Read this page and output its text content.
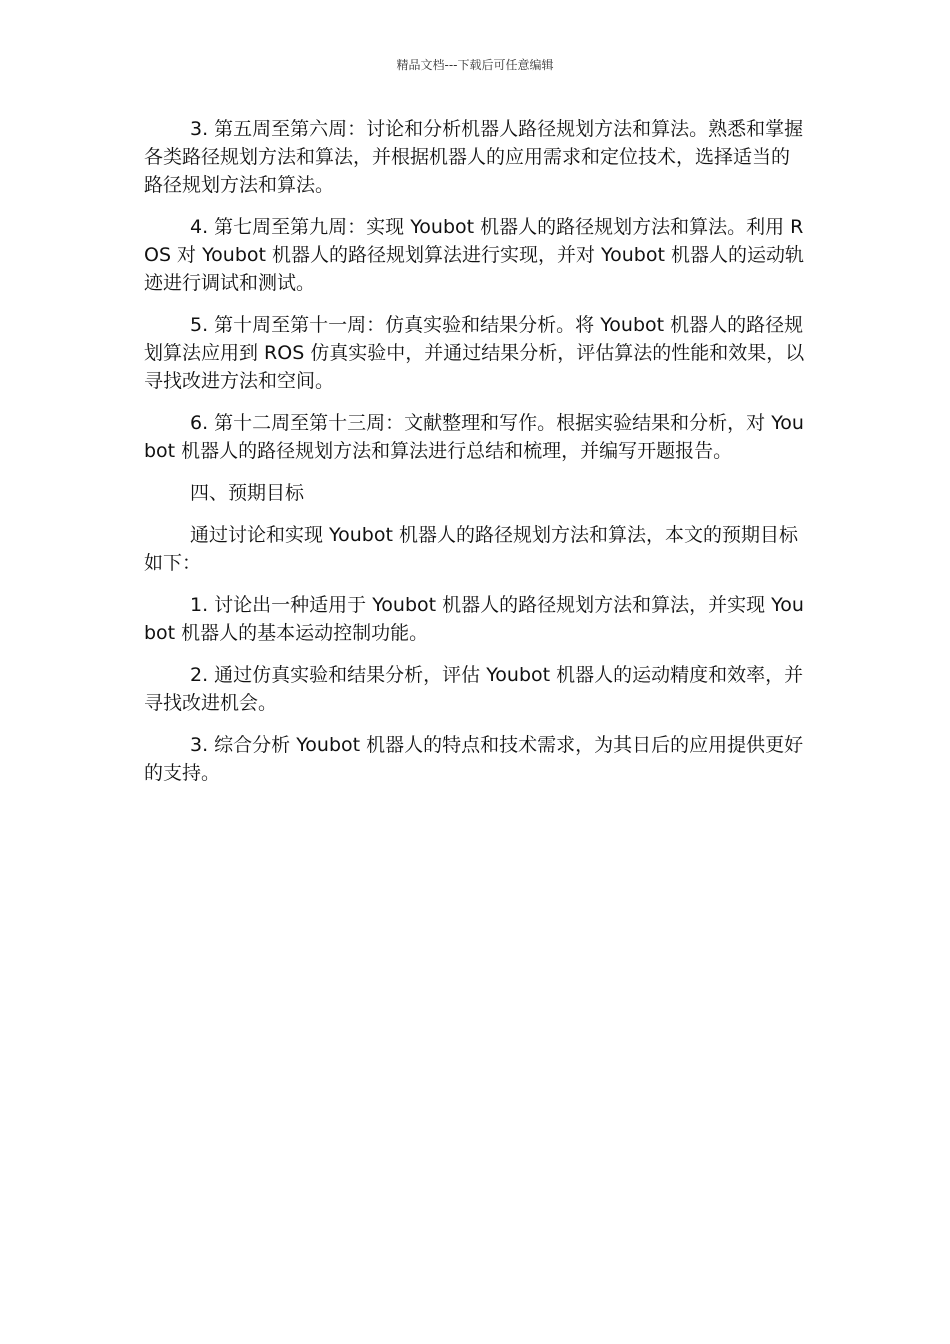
精品文档---下载后可任意编辑

3. 第五周至第六周：讨论和分析机器人路径规划方法和算法。熟悉和掌握各类路径规划方法和算法，并根据机器人的应用需求和定位技术，选择适当的路径规划方法和算法。

4. 第七周至第九周：实现 Youbot 机器人的路径规划方法和算法。利用 ROS 对 Youbot 机器人的路径规划算法进行实现，并对 Youbot 机器人的运动轨迹进行调试和测试。

5. 第十周至第十一周：仿真实验和结果分析。将 Youbot 机器人的路径规划算法应用到 ROS 仿真实验中，并通过结果分析，评估算法的性能和效果，以寻找改进方法和空间。

6. 第十二周至第十三周：文献整理和写作。根据实验结果和分析，对 Youbot 机器人的路径规划方法和算法进行总结和梳理，并编写开题报告。

四、预期目标

通过讨论和实现 Youbot 机器人的路径规划方法和算法，本文的预期目标如下：

1. 讨论出一种适用于 Youbot 机器人的路径规划方法和算法，并实现 Youbot 机器人的基本运动控制功能。

2. 通过仿真实验和结果分析，评估 Youbot 机器人的运动精度和效率，并寻找改进机会。

3. 综合分析 Youbot 机器人的特点和技术需求，为其日后的应用提供更好的支持。
